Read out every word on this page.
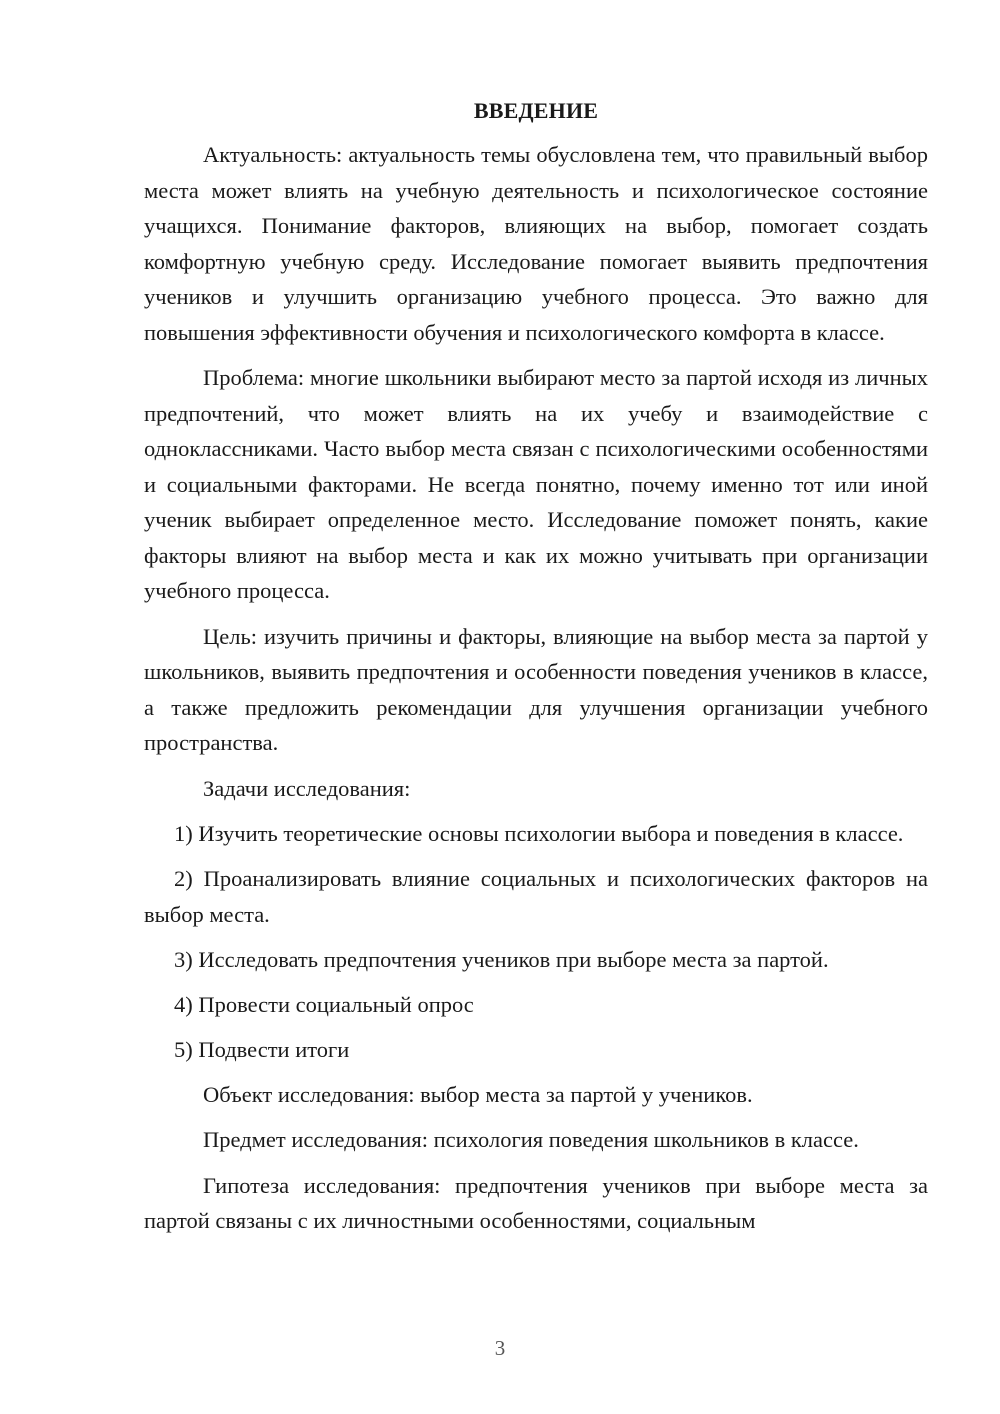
ВВЕДЕНИЕ

Актуальность: актуальность темы обусловлена тем, что правильный выбор места может влиять на учебную деятельность и психологическое состояние учащихся. Понимание факторов, влияющих на выбор, помогает создать комфортную учебную среду. Исследование помогает выявить предпочтения учеников и улучшить организацию учебного процесса. Это важно для повышения эффективности обучения и психологического комфорта в классе.

Проблема: многие школьники выбирают место за партой исходя из личных предпочтений, что может влиять на их учебу и взаимодействие с одноклассниками. Часто выбор места связан с психологическими особенностями и социальными факторами. Не всегда понятно, почему именно тот или иной ученик выбирает определенное место. Исследование поможет понять, какие факторы влияют на выбор места и как их можно учитывать при организации учебного процесса.

Цель: изучить причины и факторы, влияющие на выбор места за партой у школьников, выявить предпочтения и особенности поведения учеников в классе, а также предложить рекомендации для улучшения организации учебного пространства.

Задачи исследования:

1) Изучить теоретические основы психологии выбора и поведения в классе.

2) Проанализировать влияние социальных и психологических факторов на выбор места.

3) Исследовать предпочтения учеников при выборе места за партой.

4) Провести социальный опрос

5) Подвести итоги

Объект исследования: выбор места за партой у учеников.

Предмет исследования: психология поведения школьников в классе.

Гипотеза исследования: предпочтения учеников при выборе места за партой связаны с их личностными особенностями, социальным

3
